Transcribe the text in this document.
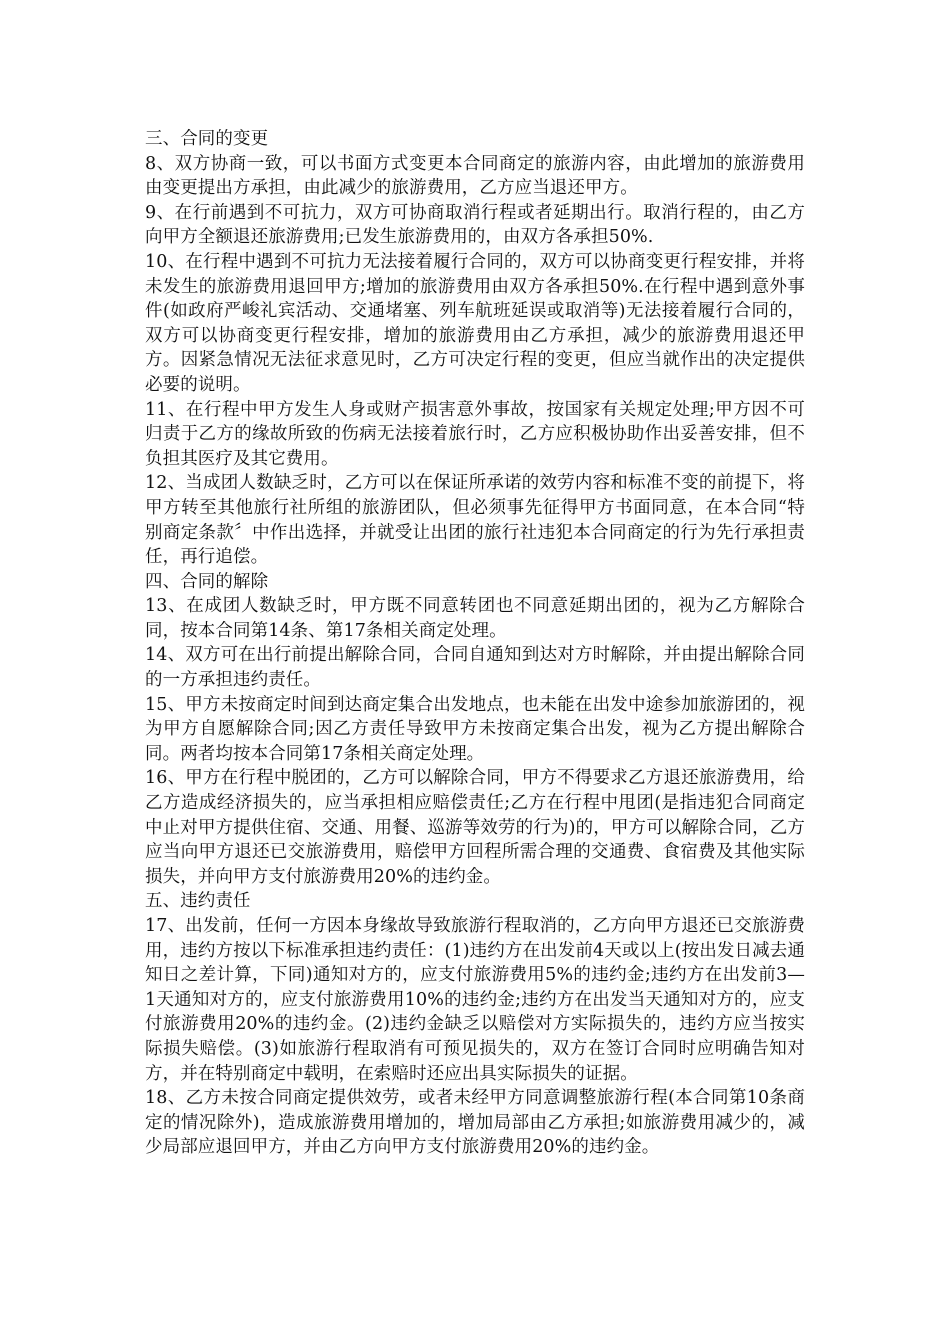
三、合同的变更

8、双方协商一致，可以书面方式变更本合同商定的旅游内容，由此增加的旅游费用由变更提出方承担，由此减少的旅游费用，乙方应当退还甲方。

9、在行前遇到不可抗力，双方可协商取消行程或者延期出行。取消行程的，由乙方向甲方全额退还旅游费用;已发生旅游费用的，由双方各承担50%.

10、在行程中遇到不可抗力无法接着履行合同的，双方可以协商变更行程安排，并将未发生的旅游费用退回甲方;增加的旅游费用由双方各承担50%.在行程中遇到意外事件(如政府严峻礼宾活动、交通堵塞、列车航班延误或取消等)无法接着履行合同的，双方可以协商变更行程安排，增加的旅游费用由乙方承担，减少的旅游费用退还甲方。因紧急情况无法征求意见时，乙方可决定行程的变更，但应当就作出的决定提供必要的说明。

11、在行程中甲方发生人身或财产损害意外事故，按国家有关规定处理;甲方因不可归责于乙方的缘故所致的伤病无法接着旅行时，乙方应积极协助作出妥善安排，但不负担其医疗及其它费用。

12、当成团人数缺乏时，乙方可以在保证所承诺的效劳内容和标准不变的前提下，将甲方转至其他旅行社所组的旅游团队，但必须事先征得甲方书面同意，在本合同“特别商定条款〞中作出选择，并就受让出团的旅行社违犯本合同商定的行为先行承担责任，再行追偿。

四、合同的解除

13、在成团人数缺乏时，甲方既不同意转团也不同意延期出团的，视为乙方解除合同，按本合同第14条、第17条相关商定处理。

14、双方可在出行前提出解除合同，合同自通知到达对方时解除，并由提出解除合同的一方承担违约责任。

15、甲方未按商定时间到达商定集合出发地点，也未能在出发中途参加旅游团的，视为甲方自愿解除合同;因乙方责任导致甲方未按商定集合出发，视为乙方提出解除合同。两者均按本合同第17条相关商定处理。

16、甲方在行程中脱团的，乙方可以解除合同，甲方不得要求乙方退还旅游费用，给乙方造成经济损失的，应当承担相应赔偿责任;乙方在行程中甩团(是指违犯合同商定中止对甲方提供住宿、交通、用餐、巡游等效劳的行为)的，甲方可以解除合同，乙方应当向甲方退还已交旅游费用，赔偿甲方回程所需合理的交通费、食宿费及其他实际损失，并向甲方支付旅游费用20%的违约金。

五、违约责任

17、出发前，任何一方因本身缘故导致旅游行程取消的，乙方向甲方退还已交旅游费用，违约方按以下标准承担违约责任：(1)违约方在出发前4天或以上(按出发日减去通知日之差计算，下同)通知对方的，应支付旅游费用5%的违约金;违约方在出发前3—1天通知对方的，应支付旅游费用10%的违约金;违约方在出发当天通知对方的，应支付旅游费用20%的违约金。(2)违约金缺乏以赔偿对方实际损失的，违约方应当按实际损失赔偿。(3)如旅游行程取消有可预见损失的，双方在签订合同时应明确告知对方，并在特别商定中载明，在索赔时还应出具实际损失的证据。

18、乙方未按合同商定提供效劳，或者未经甲方同意调整旅游行程(本合同第10条商定的情况除外)，造成旅游费用增加的，增加局部由乙方承担;如旅游费用减少的，减少局部应退回甲方，并由乙方向甲方支付旅游费用20%的违约金。
